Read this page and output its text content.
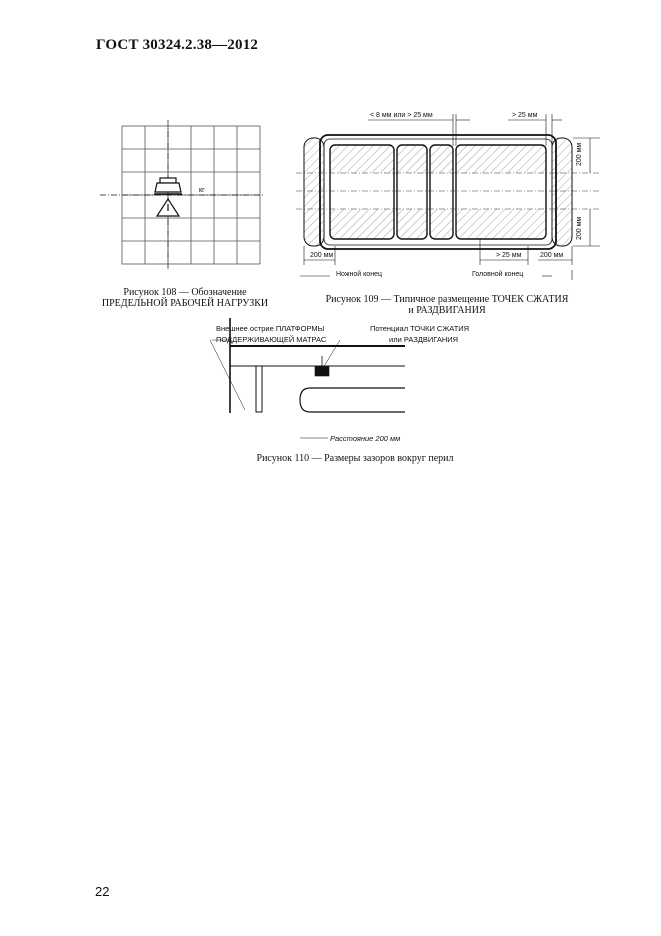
ГОСТ 30324.2.38—2012
кг
Рисунок 108 — Обозначение
ПРЕДЕЛЬНОЙ РАБОЧЕЙ НАГРУЗКИ
< 8 мм или > 25 мм	> 25 мм
200 мм
200 мм
200 мм	> 25 мм	200 мм
Ножной конец	Головной конец
Рисунок 109 — Типичное размещение ТОЧЕК СЖАТИЯ
и РАЗДВИГАНИЯ
Внешнее острие ПЛАТФОРМЫ
ПОДДЕРЖИВАЮЩЕЙ МАТРАС
Потенциал ТОЧКИ СЖАТИЯ
или РАЗДВИГАНИЯ
Расстояние 200 мм
Рисунок 110 — Размеры зазоров вокруг перил
22
